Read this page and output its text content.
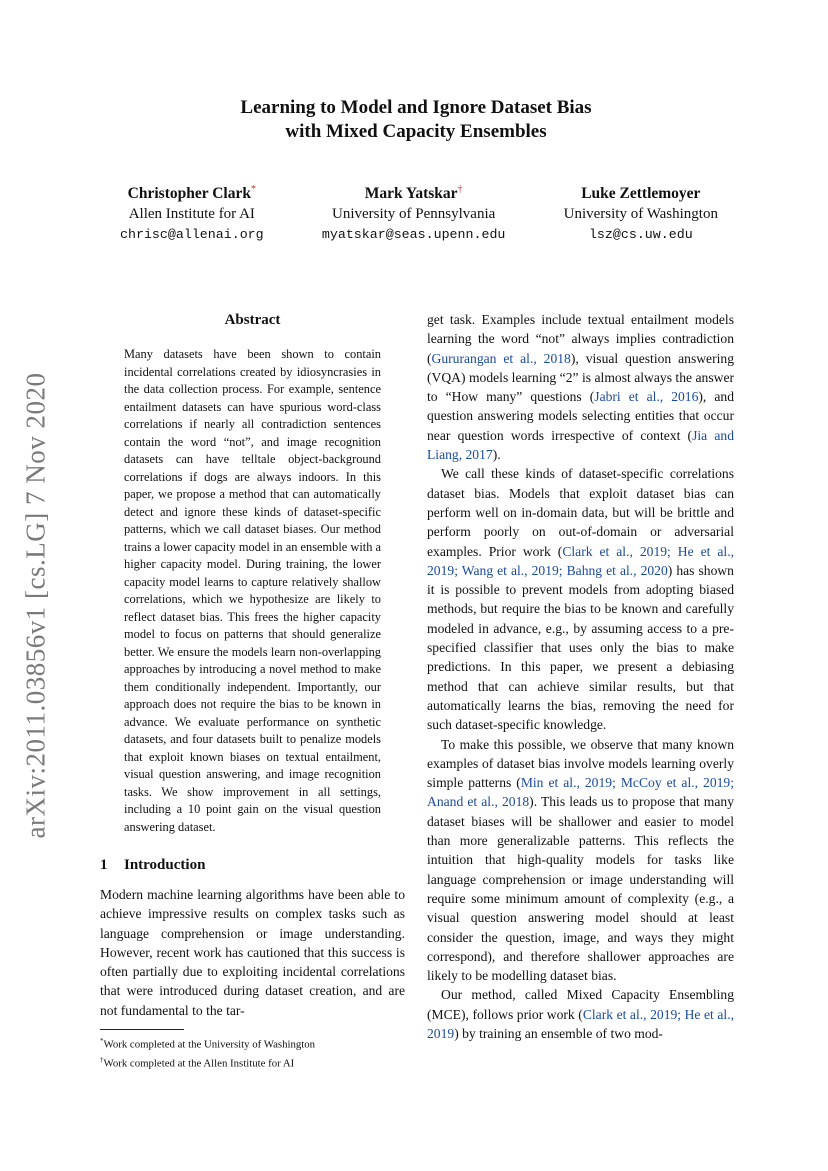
arXiv:2011.03856v1 [cs.LG] 7 Nov 2020
Learning to Model and Ignore Dataset Bias
with Mixed Capacity Ensembles
Christopher Clark*
Allen Institute for AI
chrisc@allenai.org
Mark Yatskar†
University of Pennsylvania
myatskar@seas.upenn.edu
Luke Zettlemoyer
University of Washington
lsz@cs.uw.edu
Abstract

Many datasets have been shown to contain incidental correlations created by idiosyncrasies in the data collection process. For example, sentence entailment datasets can have spurious word-class correlations if nearly all contradiction sentences contain the word “not”, and image recognition datasets can have telltale object-background correlations if dogs are always indoors. In this paper, we propose a method that can automatically detect and ignore these kinds of dataset-specific patterns, which we call dataset biases. Our method trains a lower capacity model in an ensemble with a higher capacity model. During training, the lower capacity model learns to capture relatively shallow correlations, which we hypothesize are likely to reflect dataset bias. This frees the higher capacity model to focus on patterns that should generalize better. We ensure the models learn non-overlapping approaches by introducing a novel method to make them conditionally independent. Importantly, our approach does not require the bias to be known in advance. We evaluate performance on synthetic datasets, and four datasets built to penalize models that exploit known biases on textual entailment, visual question answering, and image recognition tasks. We show improvement in all settings, including a 10 point gain on the visual question answering dataset.

1 Introduction

Modern machine learning algorithms have been able to achieve impressive results on complex tasks such as language comprehension or image understanding. However, recent work has cautioned that this success is often partially due to exploiting incidental correlations that were introduced during dataset creation, and are not fundamental to the tar-

get task. Examples include textual entailment models learning the word “not” always implies contradiction (Gururangan et al., 2018), visual question answering (VQA) models learning “2” is almost always the answer to “How many” questions (Jabri et al., 2016), and question answering models selecting entities that occur near question words irrespective of context (Jia and Liang, 2017).

We call these kinds of dataset-specific correlations dataset bias. Models that exploit dataset bias can perform well on in-domain data, but will be brittle and perform poorly on out-of-domain or adversarial examples. Prior work (Clark et al., 2019; He et al., 2019; Wang et al., 2019; Bahng et al., 2020) has shown it is possible to prevent models from adopting biased methods, but require the bias to be known and carefully modeled in advance, e.g., by assuming access to a pre-specified classifier that uses only the bias to make predictions. In this paper, we present a debiasing method that can achieve similar results, but that automatically learns the bias, removing the need for such dataset-specific knowledge.

To make this possible, we observe that many known examples of dataset bias involve models learning overly simple patterns (Min et al., 2019; McCoy et al., 2019; Anand et al., 2018). This leads us to propose that many dataset biases will be shallower and easier to model than more generalizable patterns. This reflects the intuition that high-quality models for tasks like language comprehension or image understanding will require some minimum amount of complexity (e.g., a visual question answering model should at least consider the question, image, and ways they might correspond), and therefore shallower approaches are likely to be modelling dataset bias.

Our method, called Mixed Capacity Ensembling (MCE), follows prior work (Clark et al., 2019; He et al., 2019) by training an ensemble of two mod-

*Work completed at the University of Washington
†Work completed at the Allen Institute for AI
